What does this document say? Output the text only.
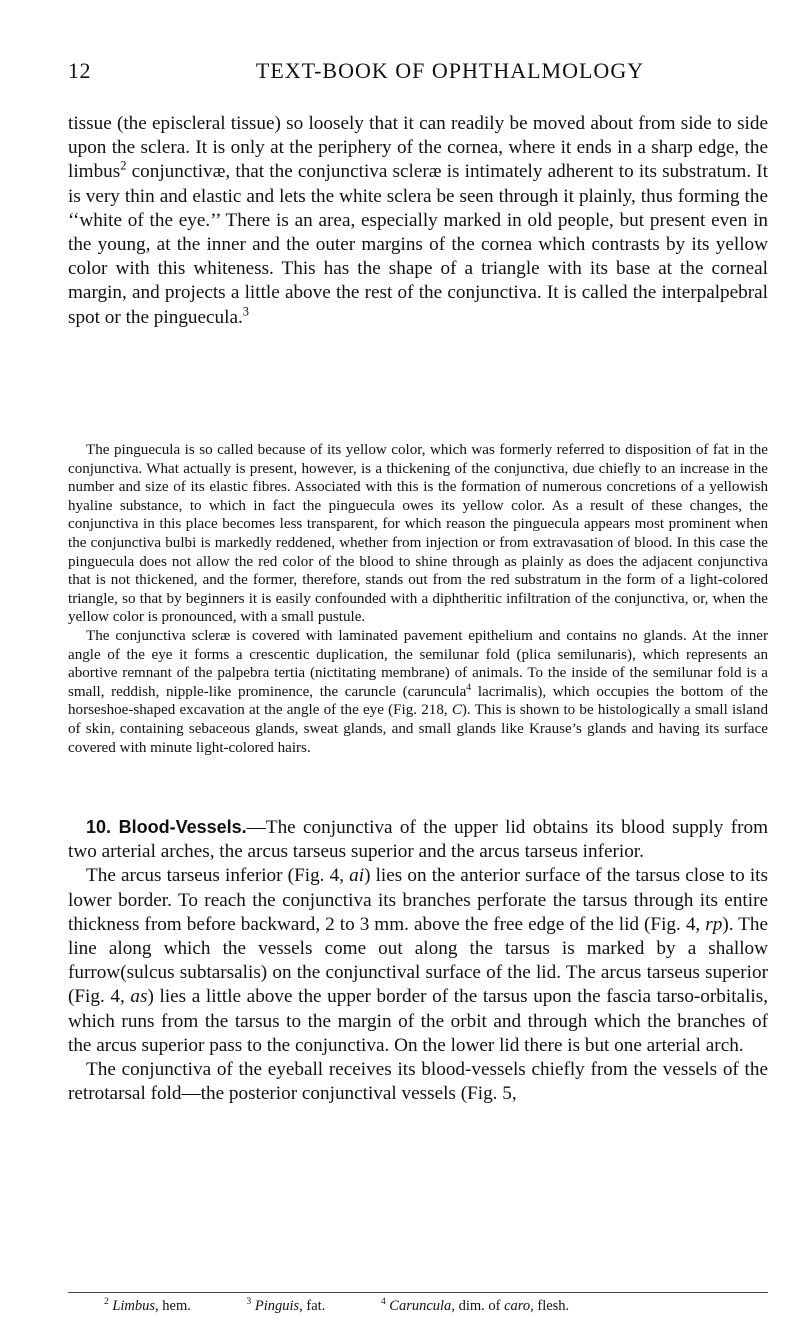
12	TEXT-BOOK OF OPHTHALMOLOGY

tissue (the episcleral tissue) so loosely that it can readily be moved about from side to side upon the sclera. It is only at the periphery of the cornea, where it ends in a sharp edge, the limbus$^2$ conjunctivæ, that the conjunctiva scleræ is intimately adherent to its substratum. It is very thin and elastic and lets the white sclera be seen through it plainly, thus forming the ‘‘white of the eye.’’ There is an area, especially marked in old people, but present even in the young, at the inner and the outer margins of the cornea which contrasts by its yellow color with this whiteness. This has the shape of a triangle with its base at the corneal margin, and projects a little above the rest of the conjunctiva. It is called the interpalpebral spot or the pinguecula.$^3$

The pinguecula is so called because of its yellow color, which was formerly referred to disposition of fat in the conjunctiva. What actually is present, however, is a thickening of the conjunctiva, due chiefly to an increase in the number and size of its elastic fibres. Associated with this is the formation of numerous concretions of a yellowish hyaline substance, to which in fact the pinguecula owes its yellow color. As a result of these changes, the conjunctiva in this place becomes less transparent, for which reason the pinguecula appears most prominent when the conjunctiva bulbi is markedly reddened, whether from injection or from extravasation of blood. In this case the pinguecula does not allow the red color of the blood to shine through as plainly as does the adjacent conjunctiva that is not thickened, and the former, therefore, stands out from the red substratum in the form of a light-colored triangle, so that by beginners it is easily confounded with a diphtheritic infiltration of the conjunctiva, or, when the yellow color is pronounced, with a small pustule.

The conjunctiva scleræ is covered with laminated pavement epithelium and contains no glands. At the inner angle of the eye it forms a crescentic duplication, the semilunar fold (plica semilunaris), which represents an abortive remnant of the palpebra tertia (nictitating membrane) of animals. To the inside of the semilunar fold is a small, reddish, nipple-like prominence, the caruncle (caruncula$^4$ lacrimalis), which occupies the bottom of the horseshoe-shaped excavation at the angle of the eye (Fig. 218, C). This is shown to be histologically a small island of skin, containing sebaceous glands, sweat glands, and small glands like Krause’s glands and having its surface covered with minute light-colored hairs.

10. Blood-Vessels.—The conjunctiva of the upper lid obtains its blood supply from two arterial arches, the arcus tarseus superior and the arcus tarseus inferior.

The arcus tarseus inferior (Fig. 4, ai) lies on the anterior surface of the tarsus close to its lower border. To reach the conjunctiva its branches perforate the tarsus through its entire thickness from before backward, 2 to 3 mm. above the free edge of the lid (Fig. 4, rp). The line along which the vessels come out along the tarsus is marked by a shallow furrow(sulcus subtarsalis) on the conjunctival surface of the lid. The arcus tarseus superior (Fig. 4, as) lies a little above the upper border of the tarsus upon the fascia tarso-orbitalis, which runs from the tarsus to the margin of the orbit and through which the branches of the arcus superior pass to the conjunctiva. On the lower lid there is but one arterial arch.

The conjunctiva of the eyeball receives its blood-vessels chiefly from the vessels of the retrotarsal fold—the posterior conjunctival vessels (Fig. 5,

$^2$ Limbus, hem.	$^3$ Pinguis, fat.	$^4$ Caruncula, dim. of caro, flesh.
